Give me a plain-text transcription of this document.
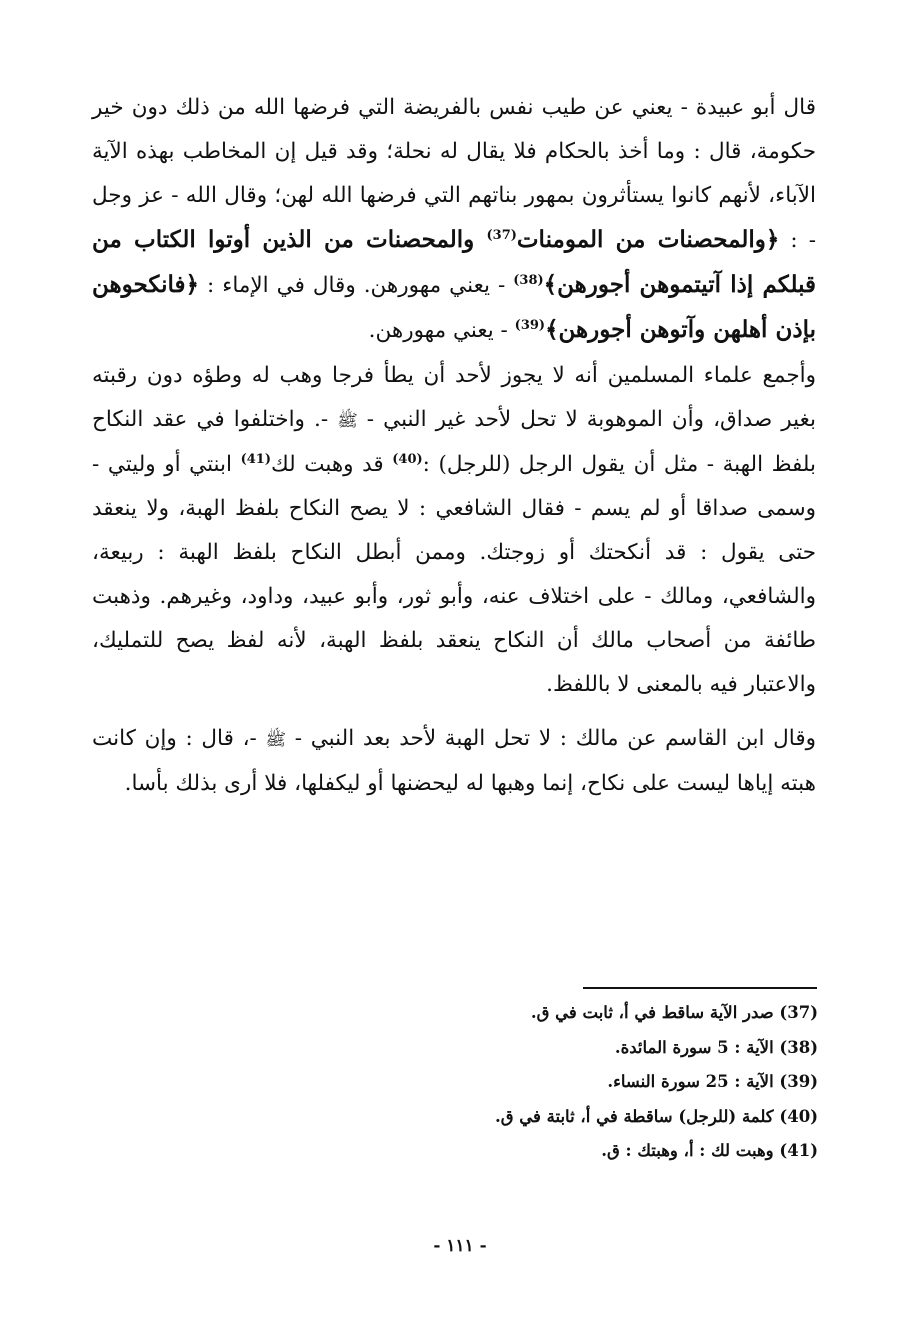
قال أبو عبيدة - يعني عن طيب نفس بالفريضة التي فرضها الله من ذلك دون خير حكومة، قال : وما أخذ بالحكام فلا يقال له نحلة؛ وقد قيل إن المخاطب بهذه الآية الآباء، لأنهم كانوا يستأثرون بمهور بناتهم التي فرضها الله لهن؛ وقال الله - عز وجل - : ﴿والمحصنات من المومنات$^{(37)}$ والمحصنات من الذين أوتوا الكتاب من قبلكم إذا آتيتموهن أجورهن﴾$^{(38)}$ - يعني مهورهن. وقال في الإماء : ﴿فانكحوهن بإذن أهلهن وآتوهن أجورهن﴾$^{(39)}$ - يعني مهورهن.

وأجمع علماء المسلمين أنه لا يجوز لأحد أن يطأ فرجا وهب له وطؤه دون رقبته بغير صداق، وأن الموهوبة لا تحل لأحد غير النبي - ﷺ -. واختلفوا في عقد النكاح بلفظ الهبة - مثل أن يقول الرجل (للرجل) :$^{(40)}$ قد وهبت لك$^{(41)}$ ابنتي أو وليتي - وسمى صداقا أو لم يسم - فقال الشافعي : لا يصح النكاح بلفظ الهبة، ولا ينعقد حتى يقول : قد أنكحتك أو زوجتك. وممن أبطل النكاح بلفظ الهبة : ربيعة، والشافعي، ومالك - على اختلاف عنه، وأبو ثور، وأبو عبيد، وداود، وغيرهم. وذهبت طائفة من أصحاب مالك أن النكاح ينعقد بلفظ الهبة، لأنه لفظ يصح للتمليك، والاعتبار فيه بالمعنى لا باللفظ.

وقال ابن القاسم عن مالك : لا تحل الهبة لأحد بعد النبي - ﷺ -، قال : وإن كانت هبته إياها ليست على نكاح، إنما وهبها له ليحضنها أو ليكفلها، فلا أرى بذلك بأسا.

(37) صدر الآية ساقط في أ، ثابت في ق.
(38) الآية : 5 سورة المائدة.
(39) الآية : 25 سورة النساء.
(40) كلمة (للرجل) ساقطة في أ، ثابتة في ق.
(41) وهبت لك : أ، وهبتك : ق.
- ١١١ -
